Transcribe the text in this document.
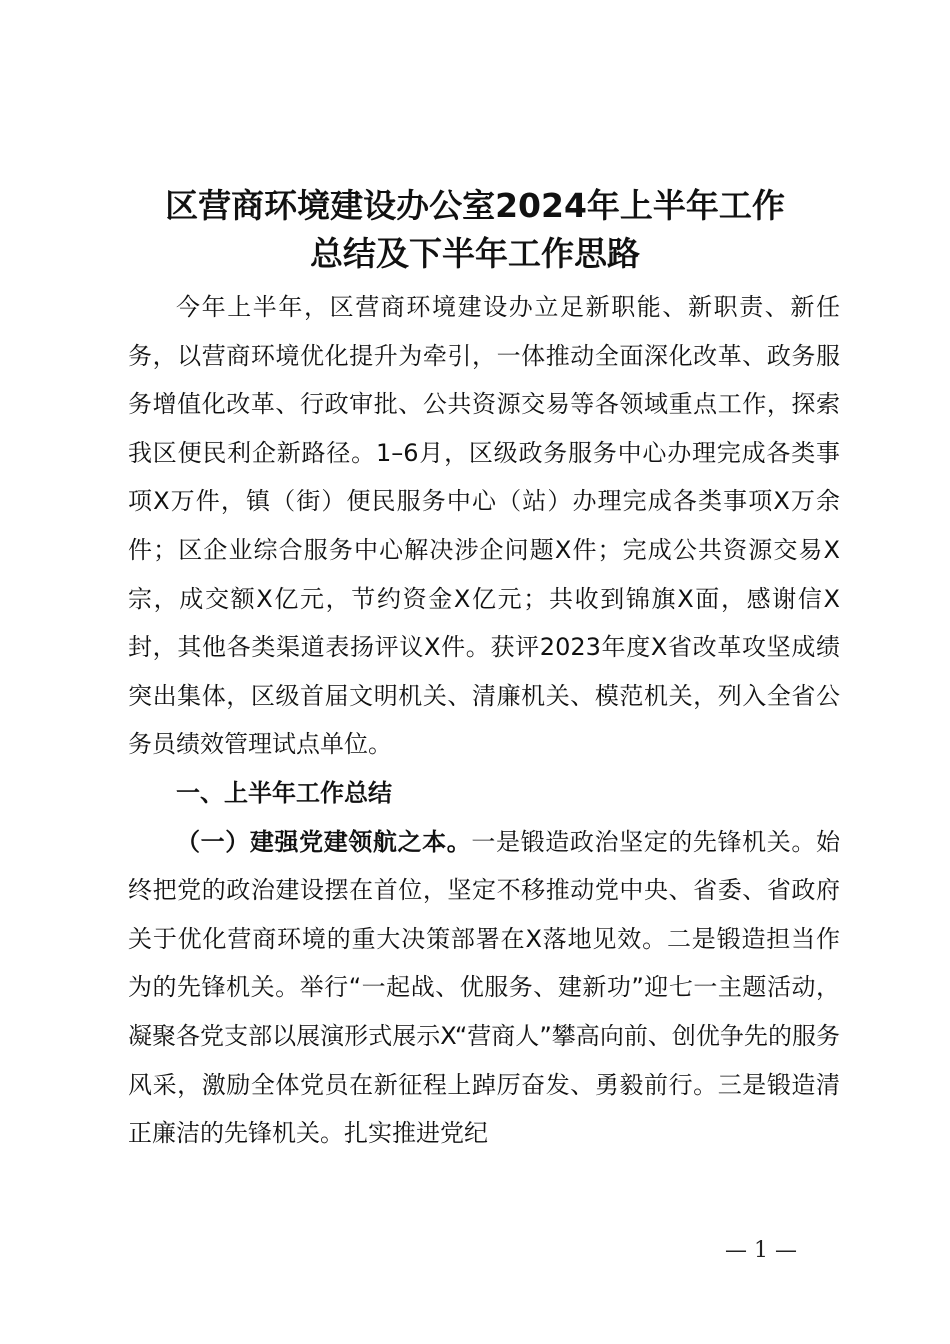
区营商环境建设办公室2024年上半年工作
总结及下半年工作思路

今年上半年，区营商环境建设办立足新职能、新职责、新任务，以营商环境优化提升为牵引，一体推动全面深化改革、政务服务增值化改革、行政审批、公共资源交易等各领域重点工作，探索我区便民利企新路径。1–6月，区级政务服务中心办理完成各类事项X万件，镇（街）便民服务中心（站）办理完成各类事项X万余件；区企业综合服务中心解决涉企问题X件；完成公共资源交易X宗，成交额X亿元，节约资金X亿元；共收到锦旗X面，感谢信X封，其他各类渠道表扬评议X件。获评2023年度X省改革攻坚成绩突出集体，区级首届文明机关、清廉机关、模范机关，列入全省公务员绩效管理试点单位。

一、上半年工作总结

（一）建强党建领航之本。一是锻造政治坚定的先锋机关。始终把党的政治建设摆在首位，坚定不移推动党中央、省委、省政府关于优化营商环境的重大决策部署在X落地见效。二是锻造担当作为的先锋机关。举行“一起战、优服务、建新功”迎七一主题活动，凝聚各党支部以展演形式展示X“营商人”攀高向前、创优争先的服务风采，激励全体党员在新征程上踔厉奋发、勇毅前行。三是锻造清正廉洁的先锋机关。扎实推进党纪

— 1 —
